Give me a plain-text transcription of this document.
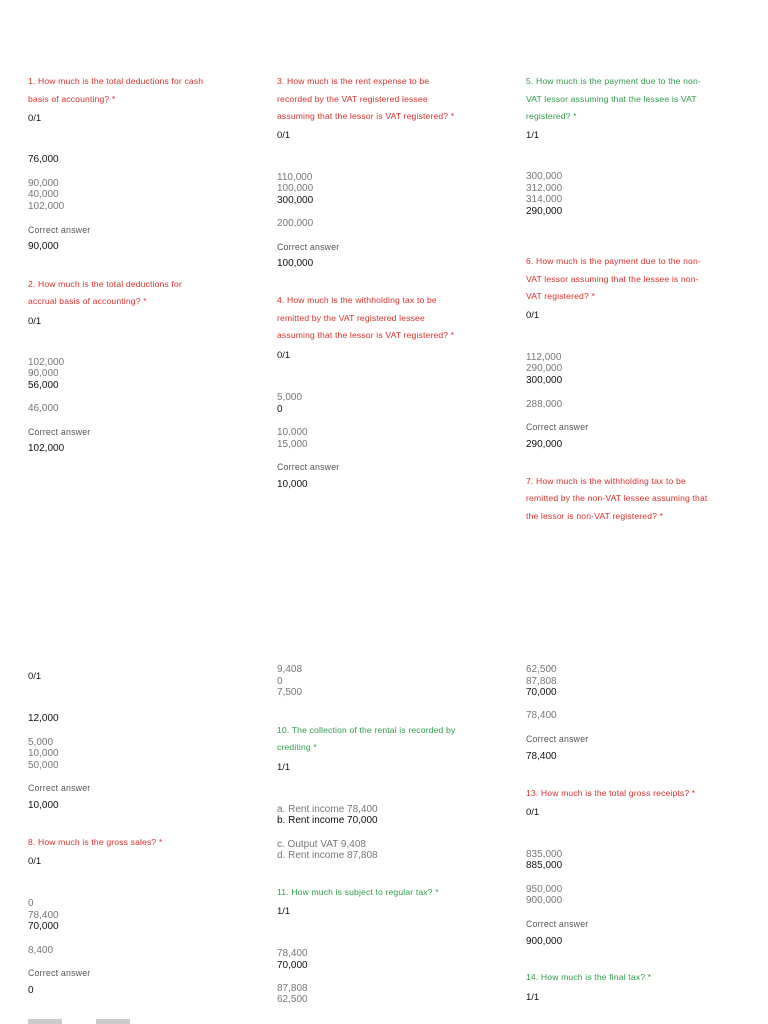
1. How much is the total deductions for cash
basis of accounting? *
0/1
76,000
90,000
40,000
102,000
Correct answer
90,000
2. How much is the total deductions for
accrual basis of accounting? *
0/1
102,000
90,000
56,000
46,000
Correct answer
102,000
0/1
12,000
5,000
10,000
50,000
Correct answer
10,000
8. How much is the gross sales? *
0/1
0
78,400
70,000
8,400
Correct answer
0
3. How much is the rent expense to be
recorded by the VAT registered lessee
assuming that the lessor is VAT registered? *
0/1
110,000
100,000
300,000
200,000
Correct answer
100,000
4. How much is the withholding tax to be
remitted by the VAT registered lessee
assuming that the lessor is VAT registered? *
0/1
5,000
0
10,000
15,000
Correct answer
10,000
9,408
0
7,500
10. The collection of the rental is recorded by
crediting *
1/1
a. Rent income 78,400
b. Rent income 70,000
c. Output VAT 9,408
d. Rent income 87,808
11. How much is subject to regular tax? *
1/1
78,400
70,000
87,808
62,500
5. How much is the payment due to the non-
VAT lessor assuming that the lessee is VAT
registered? *
1/1
300,000
312,000
314,000
290,000
6. How much is the payment due to the non-
VAT lessor assuming that the lessee is non-
VAT registered? *
0/1
112,000
290,000
300,000
288,000
Correct answer
290,000
7. How much is the withholding tax to be
remitted by the non-VAT lessee assuming that
the lessor is non-VAT registered? *
62,500
87,808
70,000
78,400
Correct answer
78,400
13. How much is the total gross receipts? *
0/1
835,000
885,000
950,000
900,000
Correct answer
900,000
14. How much is the final tax? *
1/1
